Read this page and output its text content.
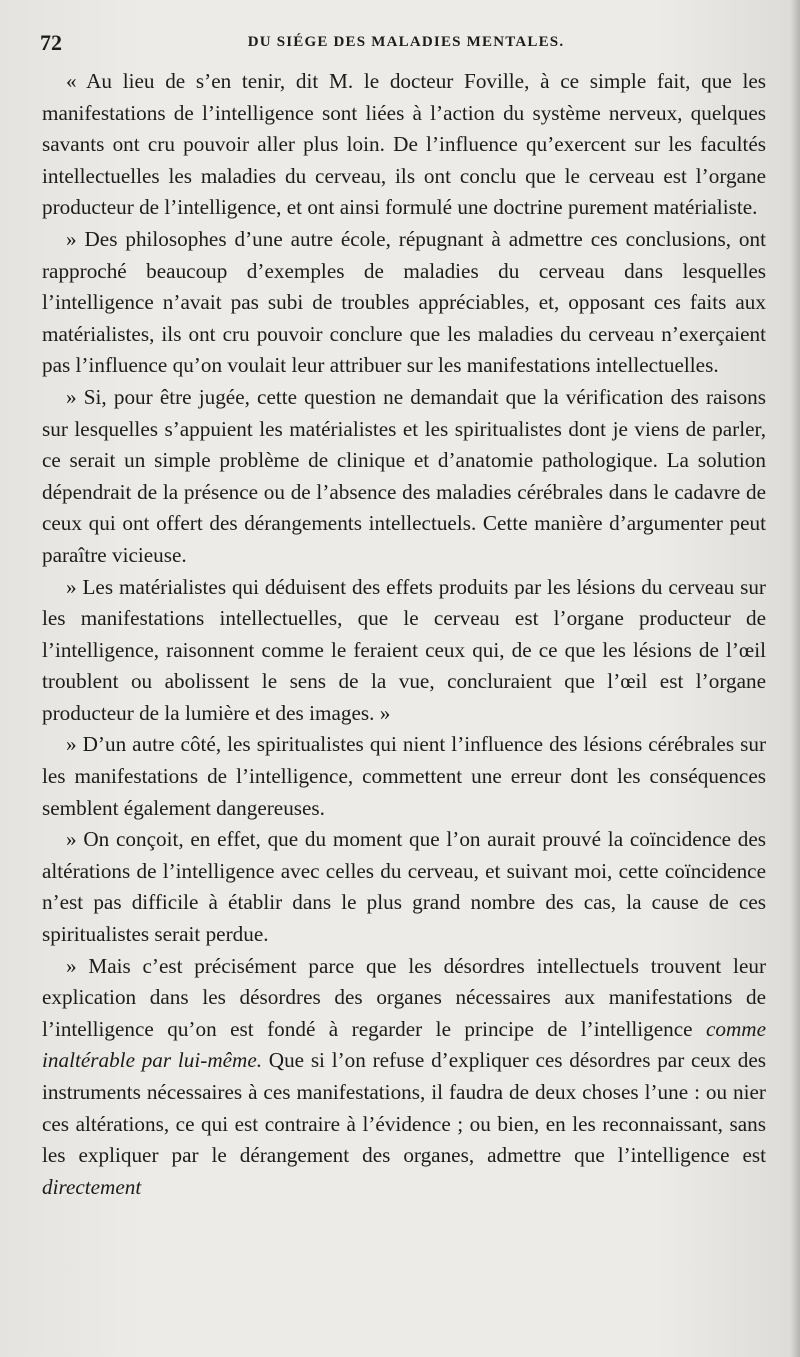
72	DU SIÉGE DES MALADIES MENTALES.

« Au lieu de s’en tenir, dit M. le docteur Foville, à ce simple fait, que les manifestations de l’intelligence sont liées à l’action du système nerveux, quelques savants ont cru pouvoir aller plus loin. De l’influence qu’exercent sur les facultés intellectuelles les maladies du cerveau, ils ont conclu que le cerveau est l’organe producteur de l’intelligence, et ont ainsi formulé une doctrine purement matérialiste.

» Des philosophes d’une autre école, répugnant à admettre ces conclusions, ont rapproché beaucoup d’exemples de maladies du cerveau dans lesquelles l’intelligence n’avait pas subi de troubles appréciables, et, opposant ces faits aux matérialistes, ils ont cru pouvoir conclure que les maladies du cerveau n’exerçaient pas l’influence qu’on voulait leur attribuer sur les manifestations intellectuelles.

» Si, pour être jugée, cette question ne demandait que la vérification des raisons sur lesquelles s’appuient les matérialistes et les spiritualistes dont je viens de parler, ce serait un simple problème de clinique et d’anatomie pathologique. La solution dépendrait de la présence ou de l’absence des maladies cérébrales dans le cadavre de ceux qui ont offert des dérangements intellectuels. Cette manière d’argumenter peut paraître vicieuse.

» Les matérialistes qui déduisent des effets produits par les lésions du cerveau sur les manifestations intellectuelles, que le cerveau est l’organe producteur de l’intelligence, raisonnent comme le feraient ceux qui, de ce que les lésions de l’œil troublent ou abolissent le sens de la vue, concluraient que l’œil est l’organe producteur de la lumière et des images. »

» D’un autre côté, les spiritualistes qui nient l’influence des lésions cérébrales sur les manifestations de l’intelligence, commettent une erreur dont les conséquences semblent également dangereuses.

» On conçoit, en effet, que du moment que l’on aurait prouvé la coïncidence des altérations de l’intelligence avec celles du cerveau, et suivant moi, cette coïncidence n’est pas difficile à établir dans le plus grand nombre des cas, la cause de ces spiritualistes serait perdue.

» Mais c’est précisément parce que les désordres intellectuels trouvent leur explication dans les désordres des organes nécessaires aux manifestations de l’intelligence qu’on est fondé à regarder le principe de l’intelligence comme inaltérable par lui-même. Que si l’on refuse d’expliquer ces désordres par ceux des instruments nécessaires à ces manifestations, il faudra de deux choses l’une : ou nier ces altérations, ce qui est contraire à l’évidence ; ou bien, en les reconnaissant, sans les expliquer par le dérangement des organes, admettre que l’intelligence est directement
